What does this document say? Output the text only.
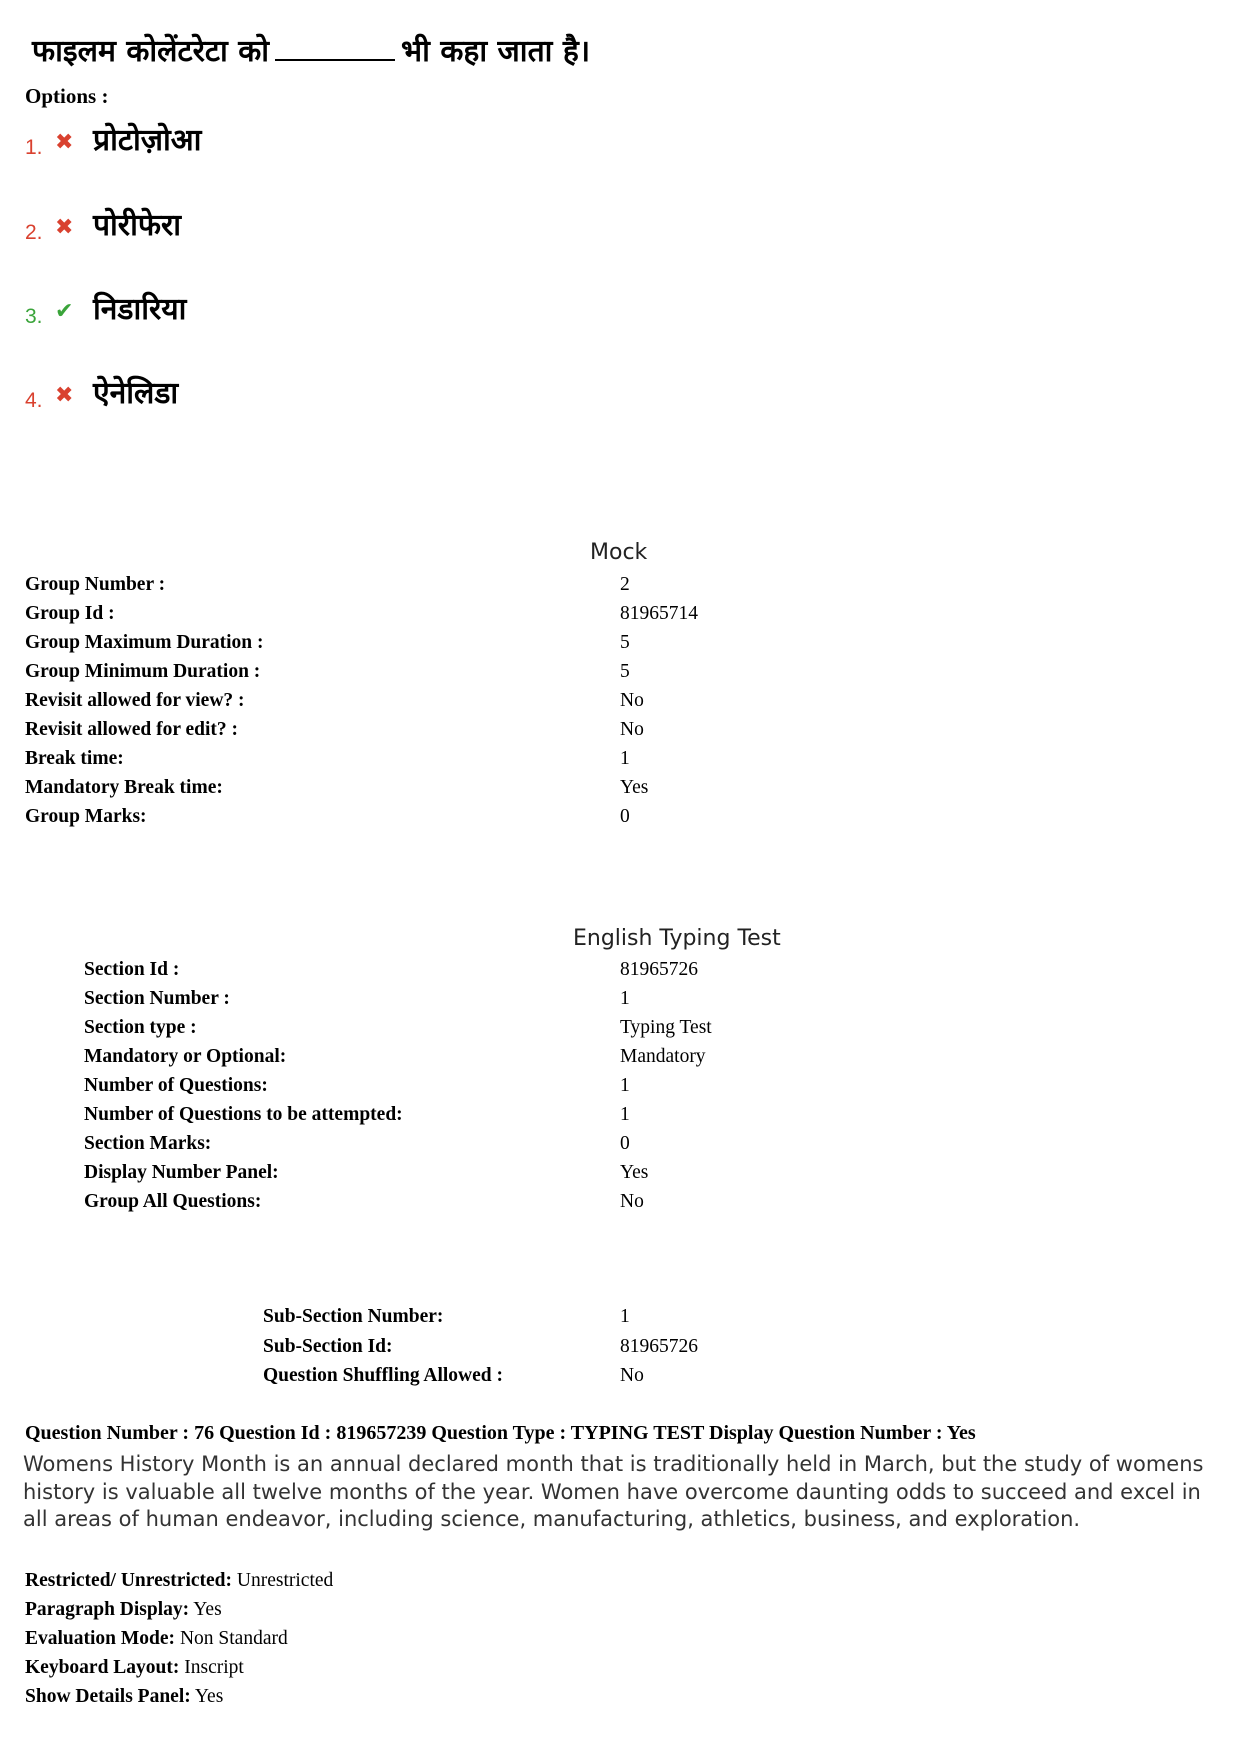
फाइलम कोलेंटरेटा को	भी कहा जाता है।
Options :
1. ✖ प्रोटोज़ोआ
2. ✖ पोरीफेरा
3. ✔ निडारिया
4. ✖ ऐनेलिडा
Mock
Group Number :	2
Group Id :	81965714
Group Maximum Duration :	5
Group Minimum Duration :	5
Revisit allowed for view? :	No
Revisit allowed for edit? :	No
Break time:	1
Mandatory Break time:	Yes
Group Marks:	0
English Typing Test
Section Id :	81965726
Section Number :	1
Section type :	Typing Test
Mandatory or Optional:	Mandatory
Number of Questions:	1
Number of Questions to be attempted:	1
Section Marks:	0
Display Number Panel:	Yes
Group All Questions:	No
Sub-Section Number:	1
Sub-Section Id:	81965726
Question Shuffling Allowed :	No
Question Number : 76 Question Id : 819657239 Question Type : TYPING TEST Display Question Number : Yes
Womens History Month is an annual declared month that is traditionally held in March, but the study of womens history is valuable all twelve months of the year. Women have overcome daunting odds to succeed and excel in all areas of human endeavor, including science, manufacturing, athletics, business, and exploration.
Restricted/ Unrestricted: Unrestricted
Paragraph Display: Yes
Evaluation Mode: Non Standard
Keyboard Layout: Inscript
Show Details Panel: Yes
